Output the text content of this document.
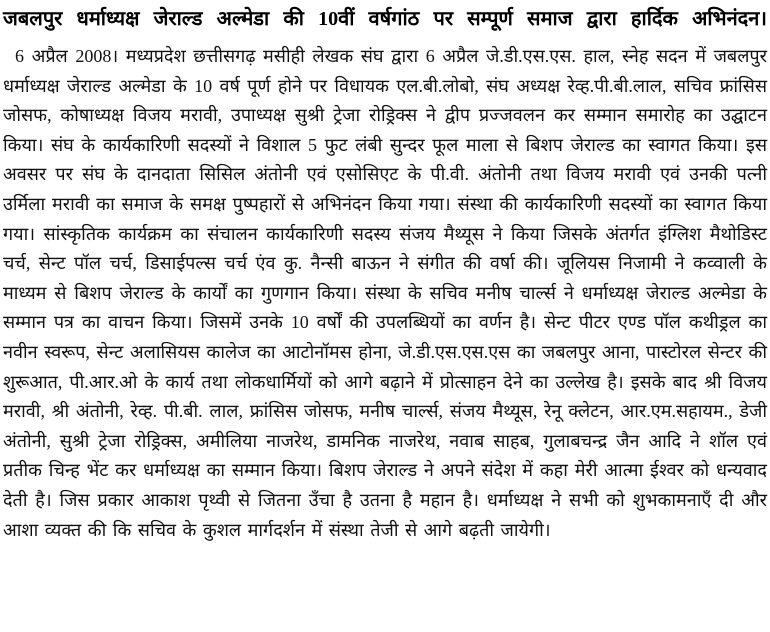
जबलपुर धर्माध्यक्ष जेराल्ड अल्मेडा की 10वीं वर्षगांठ पर सम्पूर्ण समाज द्वारा हार्दिक अभिनंदन।

6 अप्रैल 2008। मध्यप्रदेश छत्तीसगढ़ मसीही लेखक संघ द्वारा 6 अप्रैल जे.डी.एस.एस. हाल, स्नेह सदन में जबलपुर धर्माध्यक्ष जेराल्ड अल्मेडा के 10 वर्ष पूर्ण होने पर विधायक एल.बी.लोबो, संघ अध्यक्ष रेव्ह.पी.बी.लाल, सचिव फ्रांसिस जोसफ, कोषाध्यक्ष विजय मरावी, उपाध्यक्ष सुश्री ट्रेजा रोड्रिक्स ने द्वीप प्रज्जवलन कर सम्मान समारोह का उद्घाटन किया। संघ के कार्यकारिणी सदस्यों ने विशाल 5 फुट लंबी सुन्दर फूल माला से बिशप जेराल्ड का स्वागत किया। इस अवसर पर संघ के दानदाता सिसिल अंतोनी एवं एसोसिएट के पी.वी. अंतोनी तथा विजय मरावी एवं उनकी पत्नी उर्मिला मरावी का समाज के समक्ष पुष्पहारों से अभिनंदन किया गया। संस्था की कार्यकारिणी सदस्यों का स्वागत किया गया। सांस्कृतिक कार्यक्रम का संचालन कार्यकारिणी सदस्य संजय मैथ्यूस ने किया जिसके अंतर्गत इंग्लिश मैथोडिस्ट चर्च, सेन्ट पॉल चर्च, डिसाईपल्स चर्च एंव कु. नैन्सी बाऊन ने संगीत की वर्षा की। जूलियस निजामी ने कव्वाली के माध्यम से बिशप जेराल्ड के कार्यों का गुणगान किया। संस्था के सचिव मनीष चार्ल्स ने धर्माध्यक्ष जेराल्ड अल्मेडा के सम्मान पत्र का वाचन किया। जिसमें उनके 10 वर्षों की उपलब्धियों का वर्णन है। सेन्ट पीटर एण्ड पॉल कथीड्रल का नवीन स्वरूप, सेन्ट अलासियस कालेज का आटोनॉमस होना, जे.डी.एस.एस.एस का जबलपुर आना, पास्टोरल सेन्टर की शुरूआत, पी.आर.ओ के कार्य तथा लोकधार्मियों को आगे बढ़ाने में प्रोत्साहन देने का उल्लेख है। इसके बाद श्री विजय मरावी, श्री अंतोनी, रेव्ह. पी.बी. लाल, फ्रांसिस जोसफ, मनीष चार्ल्स, संजय मैथ्यूस, रेनू क्लेटन, आर.एम.सहायम., डेजी अंतोनी, सुश्री ट्रेजा रोड्रिक्स, अमीलिया नाजरेथ, डामनिक नाजरेथ, नवाब साहब, गुलाबचन्द्र जैन आदि ने शॉल एवं प्रतीक चिन्ह भेंट कर धर्माध्यक्ष का सम्मान किया। बिशप जेराल्ड ने अपने संदेश में कहा मेरी आत्मा ईश्वर को धन्यवाद देती है। जिस प्रकार आकाश पृथ्वी से जितना उँचा है उतना है महान है। धर्माध्यक्ष ने सभी को शुभकामनाएँ दी और आशा व्यक्त की कि सचिव के कुशल मार्गदर्शन में संस्था तेजी से आगे बढ़ती जायेगी।
